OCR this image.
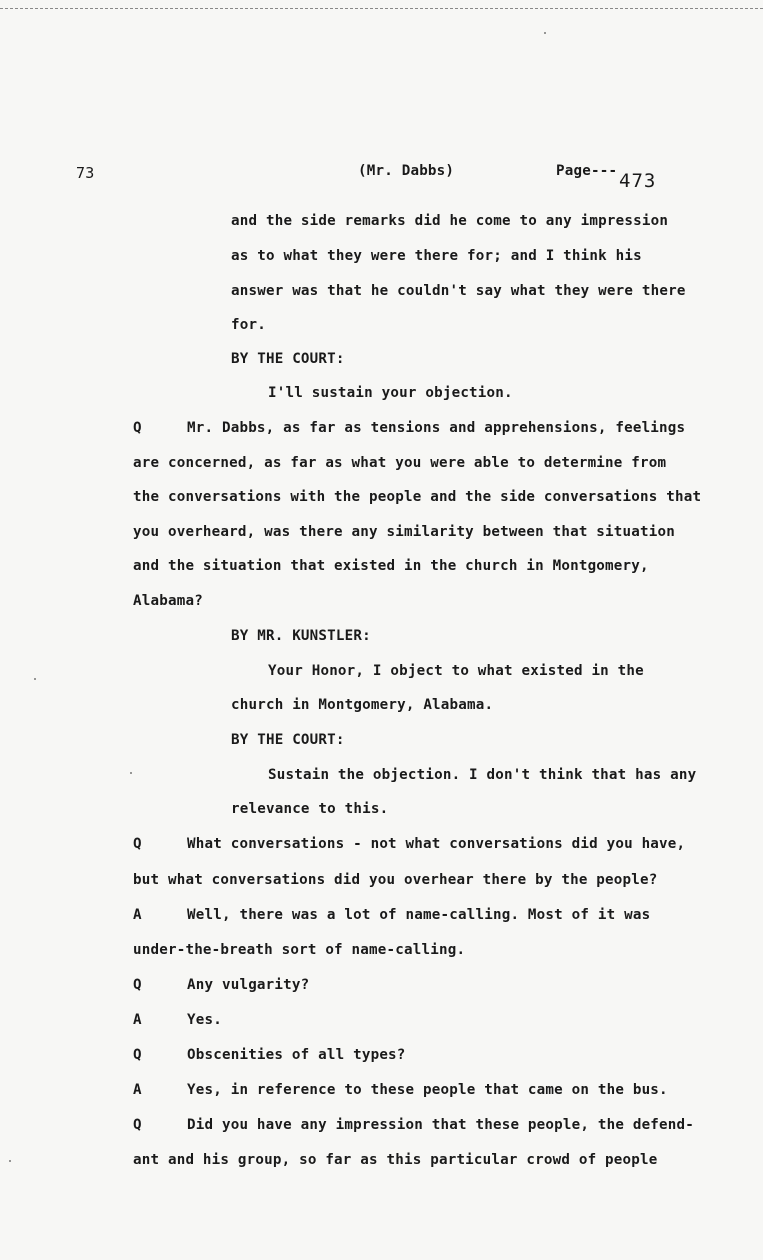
73	(Mr. Dabbs)	Page--- 473
and the side remarks did he come to any impression
as to what they were there for; and I think his
answer was that he couldn't say what they were there
for.
BY THE COURT:
I'll sustain your objection.
Q	Mr. Dabbs, as far as tensions and apprehensions, feelings
are concerned, as far as what you were able to determine from
the conversations with the people and the side conversations that
you overheard, was there any similarity between that situation
and the situation that existed in the church in Montgomery,
Alabama?
BY MR. KUNSTLER:
Your Honor, I object to what existed in the
church in Montgomery, Alabama.
BY THE COURT:
Sustain the objection. I don't think that has any
relevance to this.
Q	What conversations - not what conversations did you have,
but what conversations did you overhear there by the people?
A	Well, there was a lot of name-calling. Most of it was
under-the-breath sort of name-calling.
Q	Any vulgarity?
A	Yes.
Q	Obscenities of all types?
A	Yes, in reference to these people that came on the bus.
Q	Did you have any impression that these people, the defend-
ant and his group, so far as this particular crowd of people
